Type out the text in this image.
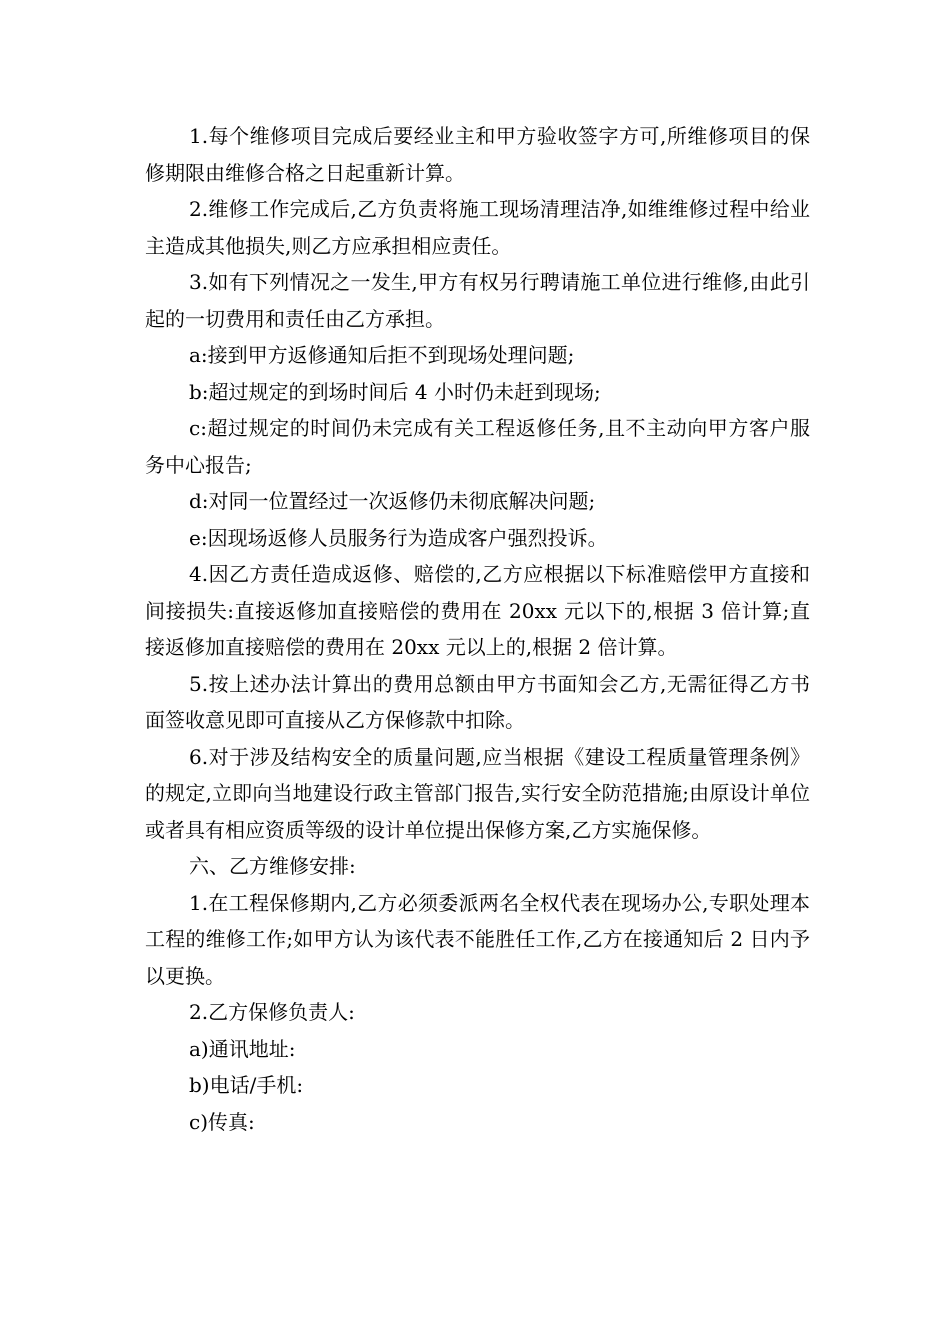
1.每个维修项目完成后要经业主和甲方验收签字方可,所维修项目的保修期限由维修合格之日起重新计算。

2.维修工作完成后,乙方负责将施工现场清理洁净,如维维修过程中给业主造成其他损失,则乙方应承担相应责任。

3.如有下列情况之一发生,甲方有权另行聘请施工单位进行维修,由此引起的一切费用和责任由乙方承担。

a:接到甲方返修通知后拒不到现场处理问题;

b:超过规定的到场时间后 4 小时仍未赶到现场;

c:超过规定的时间仍未完成有关工程返修任务,且不主动向甲方客户服务中心报告;

d:对同一位置经过一次返修仍未彻底解决问题;

e:因现场返修人员服务行为造成客户强烈投诉。

4.因乙方责任造成返修、赔偿的,乙方应根据以下标准赔偿甲方直接和间接损失:直接返修加直接赔偿的费用在 20xx 元以下的,根据 3 倍计算;直接返修加直接赔偿的费用在 20xx 元以上的,根据 2 倍计算。

5.按上述办法计算出的费用总额由甲方书面知会乙方,无需征得乙方书面签收意见即可直接从乙方保修款中扣除。

6.对于涉及结构安全的质量问题,应当根据《建设工程质量管理条例》的规定,立即向当地建设行政主管部门报告,实行安全防范措施;由原设计单位或者具有相应资质等级的设计单位提出保修方案,乙方实施保修。

六、乙方维修安排:

1.在工程保修期内,乙方必须委派两名全权代表在现场办公,专职处理本工程的维修工作;如甲方认为该代表不能胜任工作,乙方在接通知后 2 日内予以更换。

2.乙方保修负责人:

a)通讯地址:

b)电话/手机:

c)传真:
